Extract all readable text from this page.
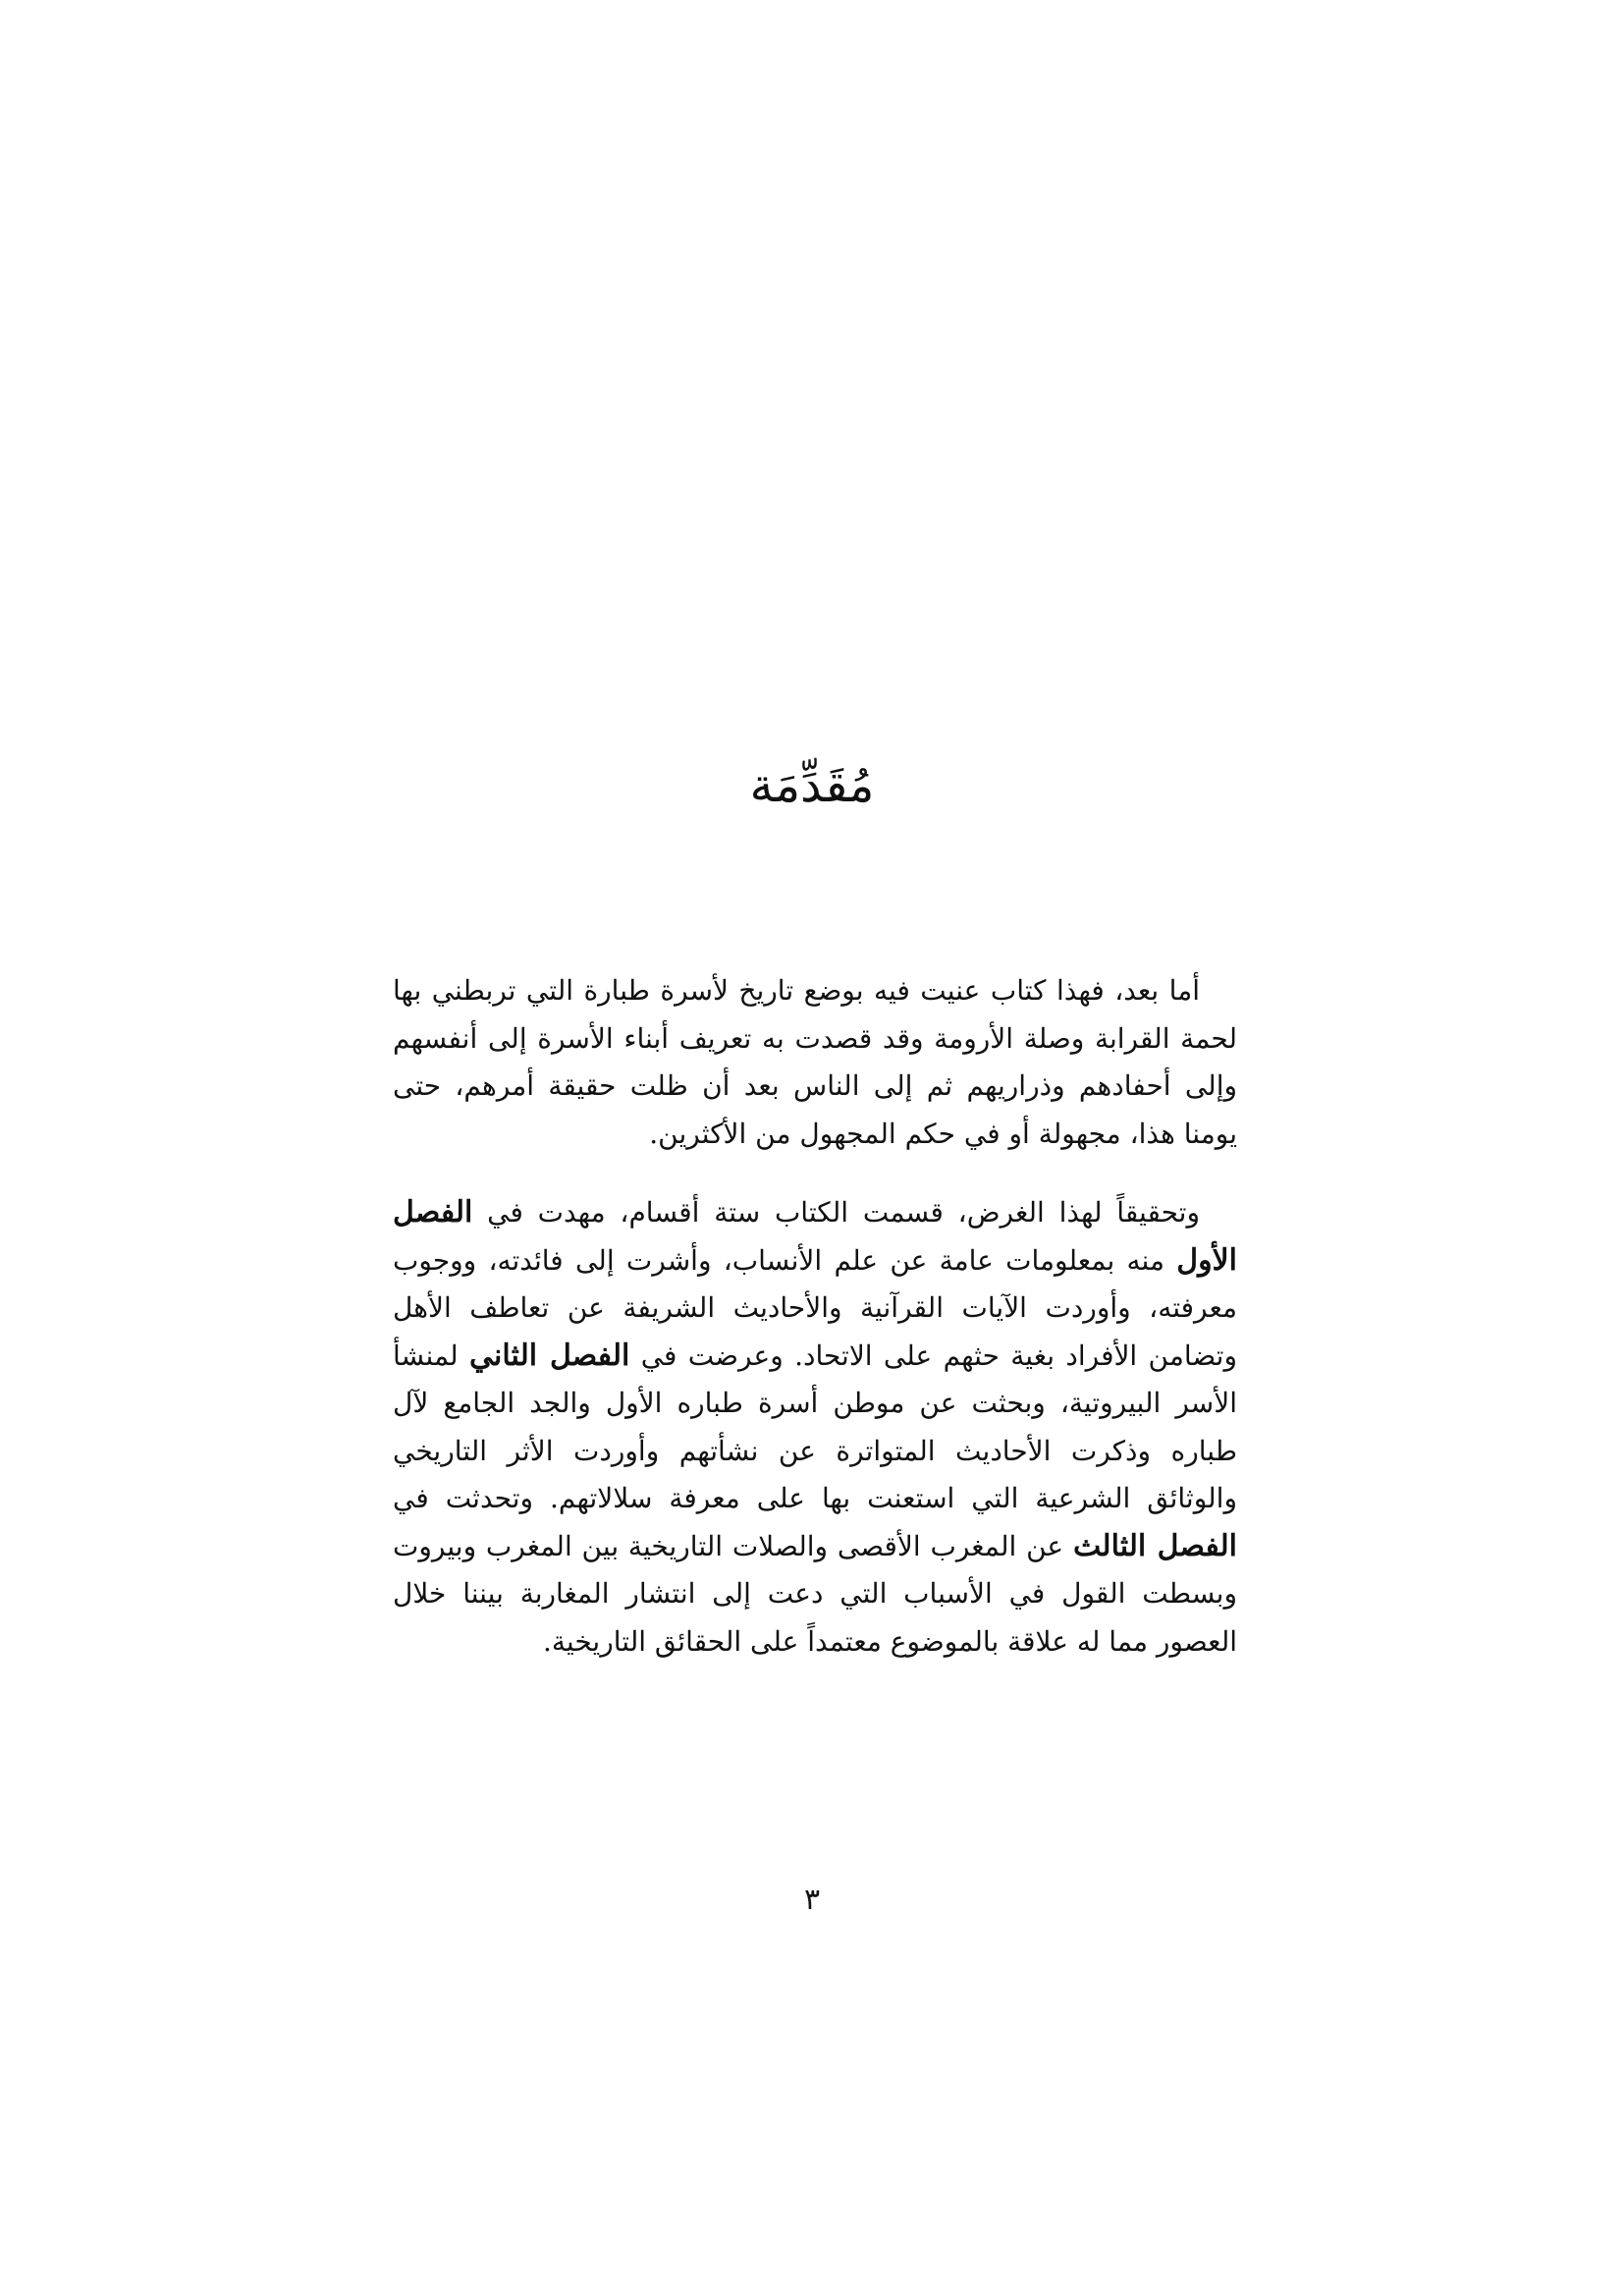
مُقَدِّمَة

أما بعد، فهذا كتاب عنيت فيه بوضع تاريخ لأسرة طبارة التي تربطني بها لحمة القرابة وصلة الأرومة وقد قصدت به تعريف أبناء الأسرة إلى أنفسهم وإلى أحفادهم وذراريهم ثم إلى الناس بعد أن ظلت حقيقة أمرهم، حتى يومنا هذا، مجهولة أو في حكم المجهول من الأكثرين.

وتحقيقاً لهذا الغرض، قسمت الكتاب ستة أقسام، مهدت في الفصل الأول منه بمعلومات عامة عن علم الأنساب، وأشرت إلى فائدته، ووجوب معرفته، وأوردت الآيات القرآنية والأحاديث الشريفة عن تعاطف الأهل وتضامن الأفراد بغية حثهم على الاتحاد. وعرضت في الفصل الثاني لمنشأ الأسر البيروتية، وبحثت عن موطن أسرة طباره الأول والجد الجامع لآل طباره وذكرت الأحاديث المتواترة عن نشأتهم وأوردت الأثر التاريخي والوثائق الشرعية التي استعنت بها على معرفة سلالاتهم. وتحدثت في الفصل الثالث عن المغرب الأقصى والصلات التاريخية بين المغرب وبيروت وبسطت القول في الأسباب التي دعت إلى انتشار المغاربة بيننا خلال العصور مما له علاقة بالموضوع معتمداً على الحقائق التاريخية.

٣
